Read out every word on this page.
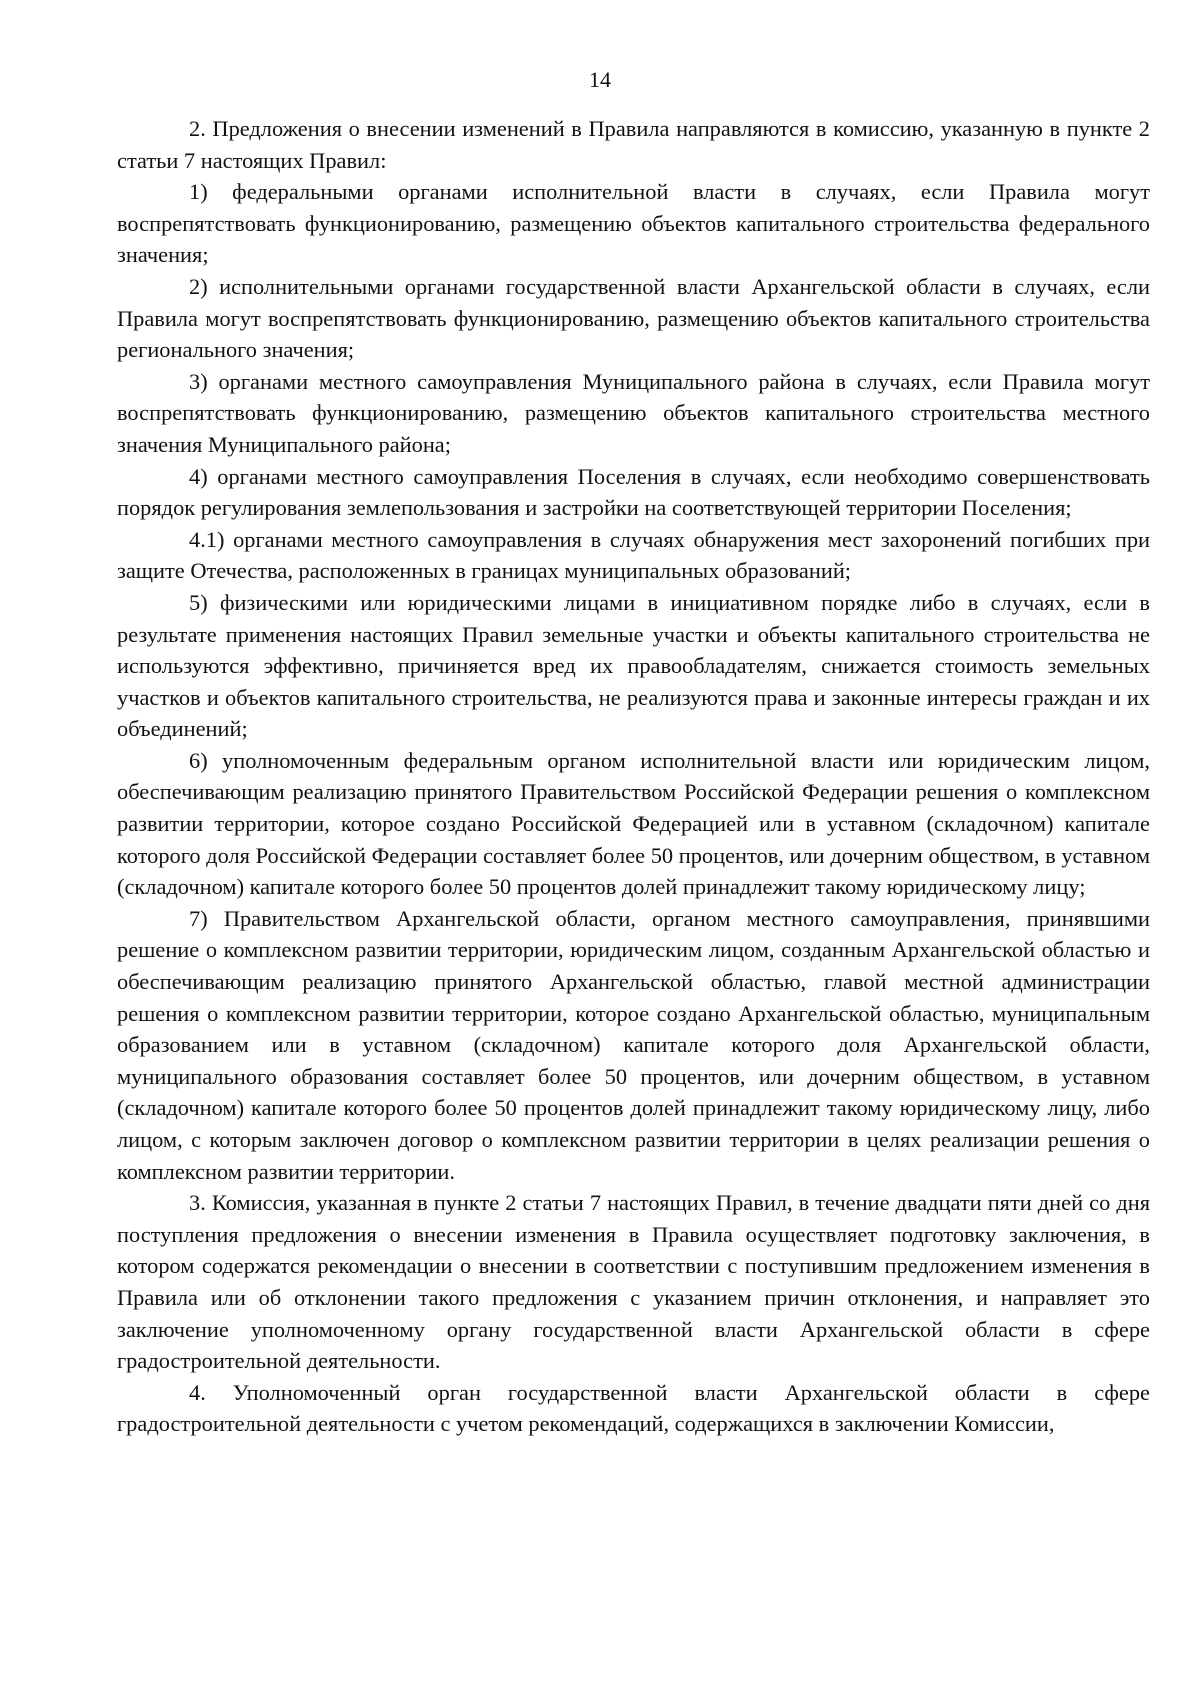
14

2. Предложения о внесении изменений в Правила направляются в комиссию, указанную в пункте 2 статьи 7 настоящих Правил:

1) федеральными органами исполнительной власти в случаях, если Правила могут воспрепятствовать функционированию, размещению объектов капитального строительства федерального значения;

2) исполнительными органами государственной власти Архангельской области в случаях, если Правила могут воспрепятствовать функционированию, размещению объектов капитального строительства регионального значения;

3) органами местного самоуправления Муниципального района в случаях, если Правила могут воспрепятствовать функционированию, размещению объектов капитального строительства местного значения Муниципального района;

4) органами местного самоуправления Поселения в случаях, если необходимо совершенствовать порядок регулирования землепользования и застройки на соответствующей территории Поселения;

4.1) органами местного самоуправления в случаях обнаружения мест захоронений погибших при защите Отечества, расположенных в границах муниципальных образований;

5) физическими или юридическими лицами в инициативном порядке либо в случаях, если в результате применения настоящих Правил земельные участки и объекты капитального строительства не используются эффективно, причиняется вред их правообладателям, снижается стоимость земельных участков и объектов капитального строительства, не реализуются права и законные интересы граждан и их объединений;

6) уполномоченным федеральным органом исполнительной власти или юридическим лицом, обеспечивающим реализацию принятого Правительством Российской Федерации решения о комплексном развитии территории, которое создано Российской Федерацией или в уставном (складочном) капитале которого доля Российской Федерации составляет более 50 процентов, или дочерним обществом, в уставном (складочном) капитале которого более 50 процентов долей принадлежит такому юридическому лицу;

7) Правительством Архангельской области, органом местного самоуправления, принявшими решение о комплексном развитии территории, юридическим лицом, созданным Архангельской областью и обеспечивающим реализацию принятого Архангельской областью, главой местной администрации решения о комплексном развитии территории, которое создано Архангельской областью, муниципальным образованием или в уставном (складочном) капитале которого доля Архангельской области, муниципального образования составляет более 50 процентов, или дочерним обществом, в уставном (складочном) капитале которого более 50 процентов долей принадлежит такому юридическому лицу, либо лицом, с которым заключен договор о комплексном развитии территории в целях реализации решения о комплексном развитии территории.

3. Комиссия, указанная в пункте 2 статьи 7 настоящих Правил, в течение двадцати пяти дней со дня поступления предложения о внесении изменения в Правила осуществляет подготовку заключения, в котором содержатся рекомендации о внесении в соответствии с поступившим предложением изменения в Правила или об отклонении такого предложения с указанием причин отклонения, и направляет это заключение уполномоченному органу государственной власти Архангельской области в сфере градостроительной деятельности.

4. Уполномоченный орган государственной власти Архангельской области в сфере градостроительной деятельности с учетом рекомендаций, содержащихся в заключении Комиссии,
